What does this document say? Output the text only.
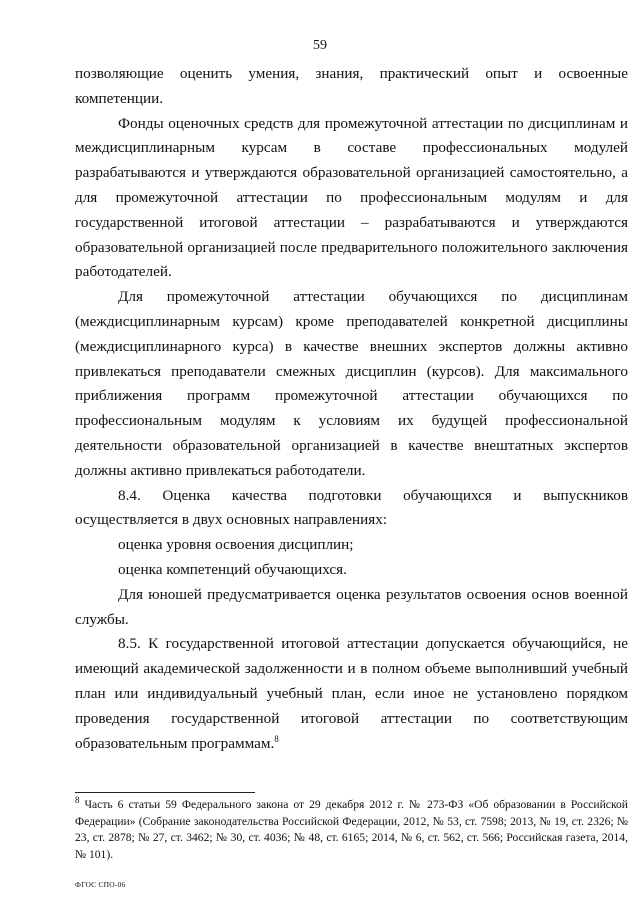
59

позволяющие оценить умения, знания, практический опыт и освоенные компетенции.

Фонды оценочных средств для промежуточной аттестации по дисциплинам и междисциплинарным курсам в составе профессиональных модулей разрабатываются и утверждаются образовательной организацией самостоятельно, а для промежуточной аттестации по профессиональным модулям и для государственной итоговой аттестации – разрабатываются и утверждаются образовательной организацией после предварительного положительного заключения работодателей.

Для промежуточной аттестации обучающихся по дисциплинам (междисциплинарным курсам) кроме преподавателей конкретной дисциплины (междисциплинарного курса) в качестве внешних экспертов должны активно привлекаться преподаватели смежных дисциплин (курсов). Для максимального приближения программ промежуточной аттестации обучающихся по профессиональным модулям к условиям их будущей профессиональной деятельности образовательной организацией в качестве внештатных экспертов должны активно привлекаться работодатели.

8.4. Оценка качества подготовки обучающихся и выпускников осуществляется в двух основных направлениях:

оценка уровня освоения дисциплин;

оценка компетенций обучающихся.

Для юношей предусматривается оценка результатов освоения основ военной службы.

8.5. К государственной итоговой аттестации допускается обучающийся, не имеющий академической задолженности и в полном объеме выполнивший учебный план или индивидуальный учебный план, если иное не установлено порядком проведения государственной итоговой аттестации по соответствующим образовательным программам.$^8$

$^8$ Часть 6 статьи 59 Федерального закона от 29 декабря 2012 г. № 273-ФЗ «Об образовании в Российской Федерации» (Собрание законодательства Российской Федерации, 2012, № 53, ст. 7598; 2013, № 19, ст. 2326; № 23, ст. 2878; № 27, ст. 3462; № 30, ст. 4036; № 48, ст. 6165; 2014, № 6, ст. 562, ст. 566; Российская газета, 2014, № 101).
ФГОС СПО-06
